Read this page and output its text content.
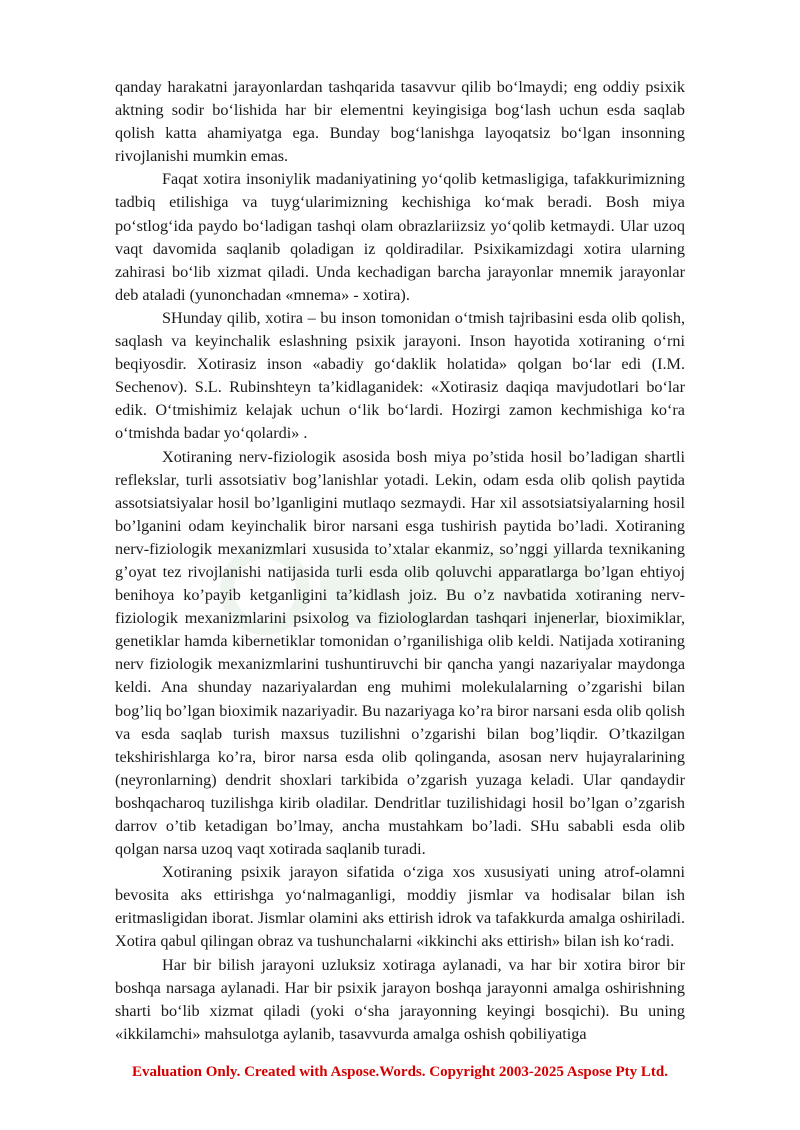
qanday harakatni jarayonlardan tashqarida tasavvur qilib bo‘lmaydi; eng oddiy psixik aktning sodir bo‘lishida har bir elementni keyingisiga bog‘lash uchun esda saqlab qolish katta ahamiyatga ega. Bunday bog‘lanishga layoqatsiz bo‘lgan insonning rivojlanishi mumkin emas.

Faqat xotira insoniylik madaniyatining yo‘qolib ketmasligiga, tafakkurimizning tadbiq etilishiga va tuyg‘ularimizning kechishiga ko‘mak beradi. Bosh miya po‘stlog‘ida paydo bo‘ladigan tashqi olam obrazlariizsiz yo‘qolib ketmaydi. Ular uzoq vaqt davomida saqlanib qoladigan iz qoldiradilar. Psixikamizdagi xotira ularning zahirasi bo‘lib xizmat qiladi. Unda kechadigan barcha jarayonlar mnemik jarayonlar deb ataladi (yunonchadan «mnema» - xotira).

SHunday qilib, xotira – bu inson tomonidan o‘tmish tajribasini esda olib qolish, saqlash va keyinchalik eslashning psixik jarayoni. Inson hayotida xotiraning o‘rni beqiyosdir. Xotirasiz inson «abadiy go‘daklik holatida» qolgan bo‘lar edi (I.M. Sechenov). S.L. Rubinshteyn ta’kidlaganidek: «Xotirasiz daqiqa mavjudotlari bo‘lar edik. O‘tmishimiz kelajak uchun o‘lik bo‘lardi. Hozirgi zamon kechmishiga ko‘ra o‘tmishda badar yo‘qolardi» .

Xotiraning nerv-fiziologik asosida bosh miya po’stida hosil bo’ladigan shartli reflekslar, turli assotsiativ bog’lanishlar yotadi. Lekin, odam esda olib qolish paytida assotsiatsiyalar hosil bo’lganligini mutlaqo sezmaydi. Har xil assotsiatsiyalarning hosil bo’lganini odam keyinchalik biror narsani esga tushirish paytida bo’ladi. Xotiraning nerv-fiziologik mexanizmlari xususida to’xtalar ekanmiz, so’nggi yillarda texnikaning g’oyat tez rivojlanishi natijasida turli esda olib qoluvchi apparatlarga bo’lgan ehtiyoj benihoya ko’payib ketganligini ta’kidlash joiz. Bu o’z navbatida xotiraning nerv-fiziologik mexanizmlarini psixolog va fiziologlardan tashqari injenerlar, bioximiklar, genetiklar hamda kibernetiklar tomonidan o’rganilishiga olib keldi. Natijada xotiraning nerv fiziologik mexanizmlarini tushuntiruvchi bir qancha yangi nazariyalar maydonga keldi. Ana shunday nazariyalardan eng muhimi molekulalarning o’zgarishi bilan bog’liq bo’lgan bioximik nazariyadir. Bu nazariyaga ko’ra biror narsani esda olib qolish va esda saqlab turish maxsus tuzilishni o’zgarishi bilan bog’liqdir. O’tkazilgan tekshirishlarga ko’ra, biror narsa esda olib qolinganda, asosan nerv hujayralarining (neyronlarning) dendrit shoxlari tarkibida o’zgarish yuzaga keladi. Ular qandaydir boshqacharoq tuzilishga kirib oladilar. Dendritlar tuzilishidagi hosil bo’lgan o’zgarish darrov o’tib ketadigan bo’lmay, ancha mustahkam bo’ladi. SHu sababli esda olib qolgan narsa uzoq vaqt xotirada saqlanib turadi.

Xotiraning psixik jarayon sifatida o‘ziga xos xususiyati uning atrof-olamni bevosita aks ettirishga yo‘nalmaganligi, moddiy jismlar va hodisalar bilan ish eritmasligidan iborat. Jismlar olamini aks ettirish idrok va tafakkurda amalga oshiriladi. Xotira qabul qilingan obraz va tushunchalarni «ikkinchi aks ettirish» bilan ish ko‘radi.

Har bir bilish jarayoni uzluksiz xotiraga aylanadi, va har bir xotira biror bir boshqa narsaga aylanadi. Har bir psixik jarayon boshqa jarayonni amalga oshirishning sharti bo‘lib xizmat qiladi (yoki o‘sha jarayonning keyingi bosqichi). Bu uning «ikkilamchi» mahsulotga aylanib, tasavvurda amalga oshish qobiliyatiga

Evaluation Only. Created with Aspose.Words. Copyright 2003-2025 Aspose Pty Ltd.
